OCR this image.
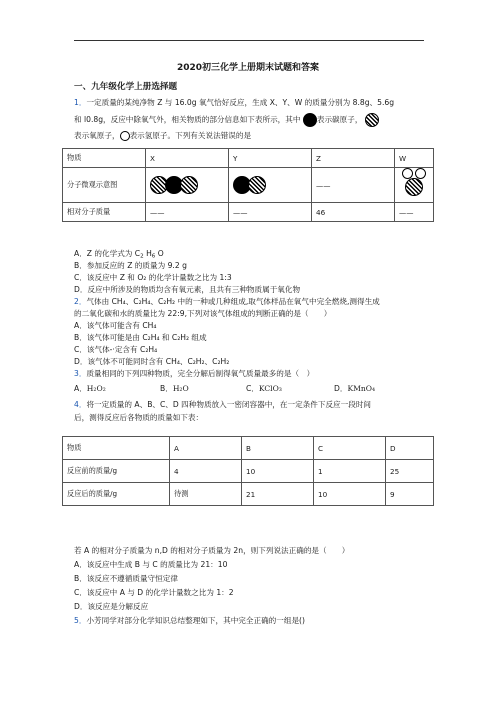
2020初三化学上册期末试题和答案
一、九年级化学上册选择题
1．一定质量的某纯净物 Z 与 16.0g 氧气恰好反应，生成 X、Y、W 的质量分别为 8.8g、5.6g
和 l0.8g，反应中除氧气外，相关物质的部分信息如下表所示，其中 表示碳原子，
表示氧原子， 表示氢原子。下列有关说法错误的是
物质	X	Y	Z	W
分子微观示意图			——	

相对分子质量	——	——	46	——
A．Z 的化学式为 $C_2$ $H_6$ O
B．参加反应的 Z 的质量为 9.2 g
C．该反应中 Z 和 O₂ 的化学计量数之比为 1:3
D．反应中所涉及的物质均含有氧元素，且共有三种物质属于氧化物
2．气体由 CH₄、C₂H₄、C₂H₂ 中的一种或几种组成,取气体样品在氧气中完全燃烧,测得生成
的二氧化碳和水的质量比为 22:9,下列对该气体组成的判断正确的是（　　）
A．该气体可能含有 CH₄
B．该气体可能是由 C₂H₄ 和 C₂H₂ 组成
C．该气体-·定含有 C₂H₄
D．该气体不可能同时含有 CH₄、C₂H₂、C₂H₂
3．质量相同的下列四种物质，完全分解后制得氧气质量最多的是（　）
A．H₂O₂	B．H₂O	C．KClO₃	D．KMnO₄
4．将一定质量的 A、B、C、D 四种物质放入一密闭容器中，在一定条件下反应一段时间
后，测得反应后各物质的质量如下表：
物质	A	B	C	D
反应前的质量/g	4	10	1	25
反应后的质量/g	待测	21	10	9
若 A 的相对分子质量为 n,D 的相对分子质量为 2n，则下列说法正确的是（　　）
A．该反应中生成 B 与 C 的质量比为 21：10
B．该反应不遵循质量守恒定律
C．该反应中 A 与 D 的化学计量数之比为 1：2
D．该反应是分解反应
5．小芳同学对部分化学知识总结整理如下，其中完全正确的一组是()
